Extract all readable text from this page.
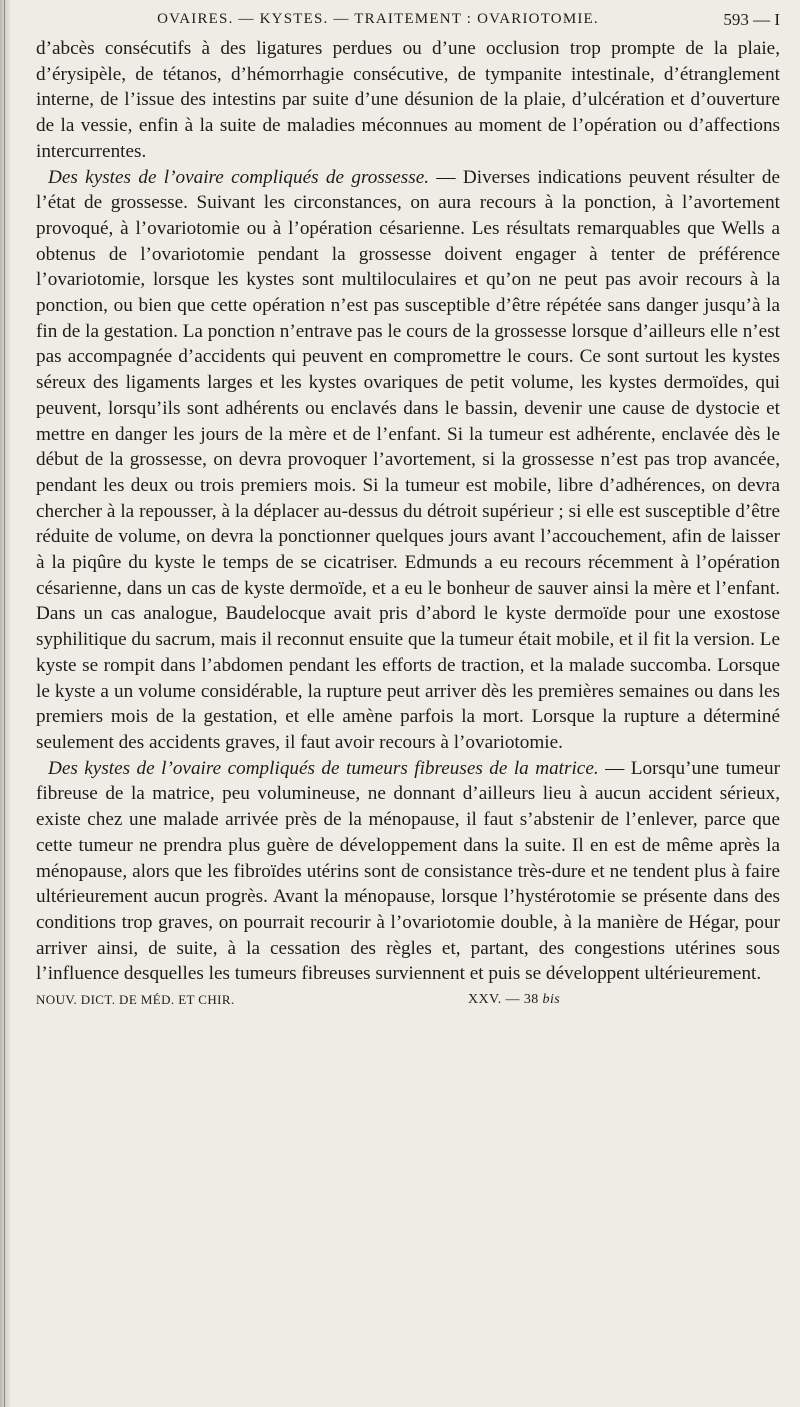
OVAIRES. — KYSTES. — TRAITEMENT : OVARIOTOMIE.	593 — I

d’abcès consécutifs à des ligatures perdues ou d’une occlusion trop prompte de la plaie, d’érysipèle, de tétanos, d’hémorrhagie consécutive, de tympanite intestinale, d’étranglement interne, de l’issue des intestins par suite d’une désunion de la plaie, d’ulcération et d’ouverture de la vessie, enfin à la suite de maladies méconnues au moment de l’opération ou d’affections intercurrentes.

Des kystes de l’ovaire compliqués de grossesse. — Diverses indications peuvent résulter de l’état de grossesse. Suivant les circonstances, on aura recours à la ponction, à l’avortement provoqué, à l’ovariotomie ou à l’opération césarienne. Les résultats remarquables que Wells a obtenus de l’ovariotomie pendant la grossesse doivent engager à tenter de préférence l’ovariotomie, lorsque les kystes sont multiloculaires et qu’on ne peut pas avoir recours à la ponction, ou bien que cette opération n’est pas susceptible d’être répétée sans danger jusqu’à la fin de la gestation. La ponction n’entrave pas le cours de la grossesse lorsque d’ailleurs elle n’est pas accompagnée d’accidents qui peuvent en compromettre le cours. Ce sont surtout les kystes séreux des ligaments larges et les kystes ovariques de petit volume, les kystes dermoïdes, qui peuvent, lorsqu’ils sont adhérents ou enclavés dans le bassin, devenir une cause de dystocie et mettre en danger les jours de la mère et de l’enfant. Si la tumeur est adhérente, enclavée dès le début de la grossesse, on devra provoquer l’avortement, si la grossesse n’est pas trop avancée, pendant les deux ou trois premiers mois. Si la tumeur est mobile, libre d’adhérences, on devra chercher à la repousser, à la déplacer au-dessus du détroit supérieur ; si elle est susceptible d’être réduite de volume, on devra la ponctionner quelques jours avant l’accouchement, afin de laisser à la piqûre du kyste le temps de se cicatriser. Edmunds a eu recours récemment à l’opération césarienne, dans un cas de kyste dermoïde, et a eu le bonheur de sauver ainsi la mère et l’enfant. Dans un cas analogue, Baudelocque avait pris d’abord le kyste dermoïde pour une exostose syphilitique du sacrum, mais il reconnut ensuite que la tumeur était mobile, et il fit la version. Le kyste se rompit dans l’abdomen pendant les efforts de traction, et la malade succomba. Lorsque le kyste a un volume considérable, la rupture peut arriver dès les premières semaines ou dans les premiers mois de la gestation, et elle amène parfois la mort. Lorsque la rupture a déterminé seulement des accidents graves, il faut avoir recours à l’ovariotomie.

Des kystes de l’ovaire compliqués de tumeurs fibreuses de la matrice. — Lorsqu’une tumeur fibreuse de la matrice, peu volumineuse, ne donnant d’ailleurs lieu à aucun accident sérieux, existe chez une malade arrivée près de la ménopause, il faut s’abstenir de l’enlever, parce que cette tumeur ne prendra plus guère de développement dans la suite. Il en est de même après la ménopause, alors que les fibroïdes utérins sont de consistance très-dure et ne tendent plus à faire ultérieurement aucun progrès. Avant la ménopause, lorsque l’hystérotomie se présente dans des conditions trop graves, on pourrait recourir à l’ovariotomie double, à la manière de Hégar, pour arriver ainsi, de suite, à la cessation des règles et, partant, des congestions utérines sous l’influence desquelles les tumeurs fibreuses surviennent et puis se développent ultérieurement.

NOUV. DICT. DE MÉD. ET CHIR.	XXV. — 38 bis
